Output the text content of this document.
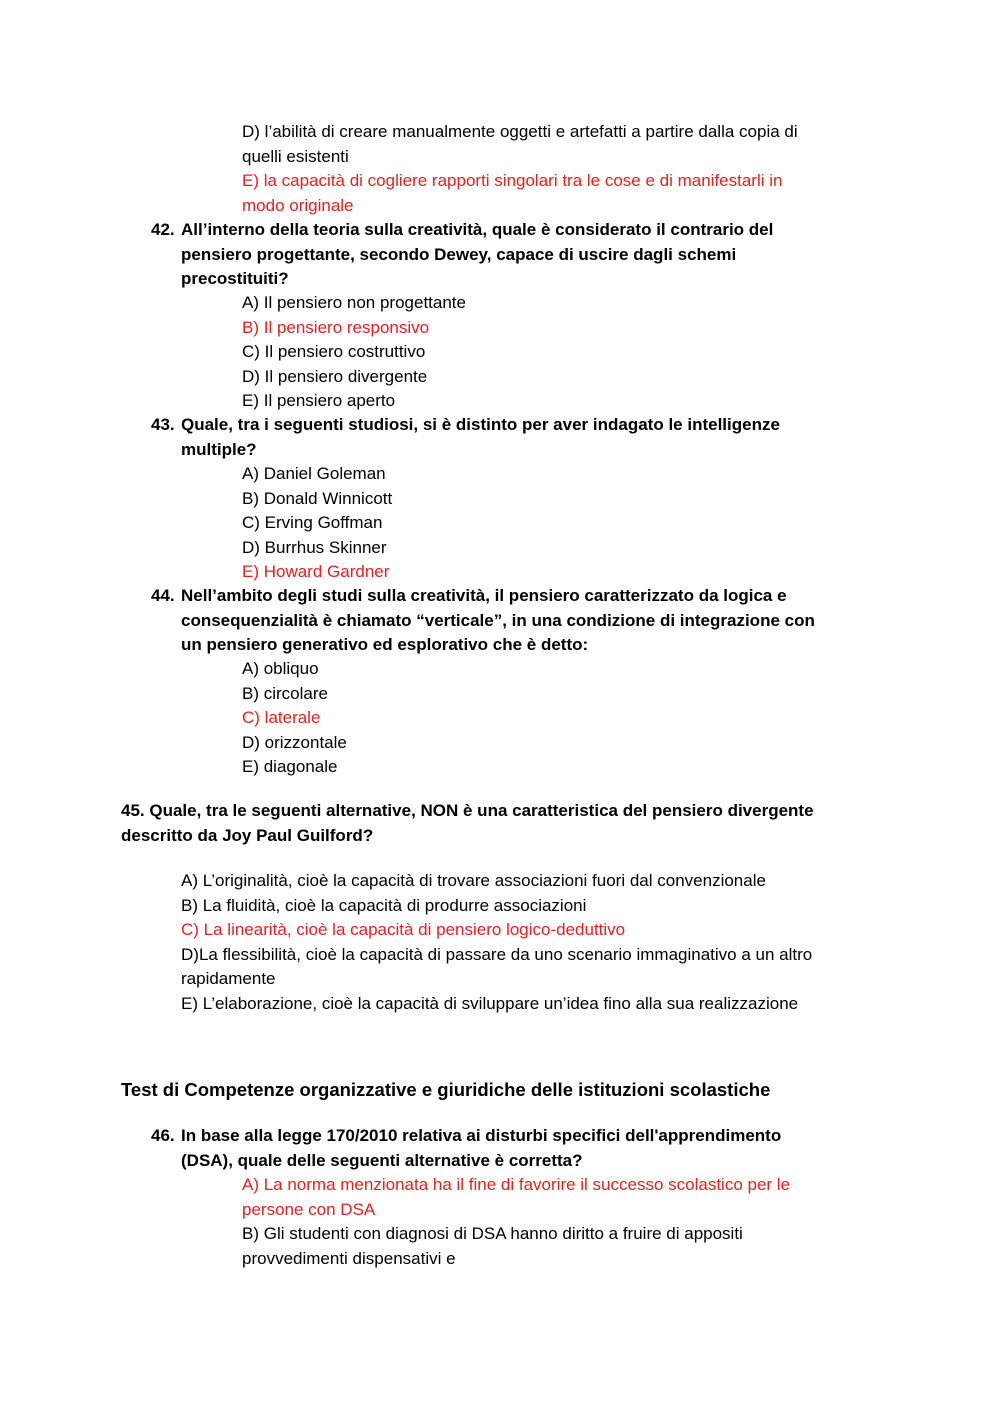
D) l’abilità di creare manualmente oggetti e artefatti a partire dalla copia di
quelli esistenti
E) la capacità di cogliere rapporti singolari tra le cose e di manifestarli in
modo originale
42. All’interno della teoria sulla creatività, quale è considerato il contrario del
pensiero progettante, secondo Dewey, capace di uscire dagli schemi
precostituiti?
A) Il pensiero non progettante
B) Il pensiero responsivo
C) Il pensiero costruttivo
D) Il pensiero divergente
E) Il pensiero aperto
43. Quale, tra i seguenti studiosi, si è distinto per aver indagato le intelligenze
multiple?
A) Daniel Goleman
B) Donald Winnicott
C) Erving Goffman
D) Burrhus Skinner
E) Howard Gardner
44. Nell’ambito degli studi sulla creatività, il pensiero caratterizzato da logica e
consequenzialità è chiamato “verticale”, in una condizione di integrazione con
un pensiero generativo ed esplorativo che è detto:
A) obliquo
B) circolare
C) laterale
D) orizzontale
E) diagonale
45. Quale, tra le seguenti alternative, NON è una caratteristica del pensiero divergente
descritto da Joy Paul Guilford?
A) L’originalità, cioè la capacità di trovare associazioni fuori dal convenzionale
B) La fluidità, cioè la capacità di produrre associazioni
C) La linearità, cioè la capacità di pensiero logico-deduttivo
D)La flessibilità, cioè la capacità di passare da uno scenario immaginativo a un altro
rapidamente
E) L’elaborazione, cioè la capacità di sviluppare un’idea fino alla sua realizzazione
Test di Competenze organizzative e giuridiche delle istituzioni scolastiche
46. In base alla legge 170/2010 relativa ai disturbi specifici dell'apprendimento
(DSA), quale delle seguenti alternative è corretta?
A) La norma menzionata ha il fine di favorire il successo scolastico per le
persone con DSA
B) Gli studenti con diagnosi di DSA hanno diritto a fruire di appositi
provvedimenti dispensativi e
